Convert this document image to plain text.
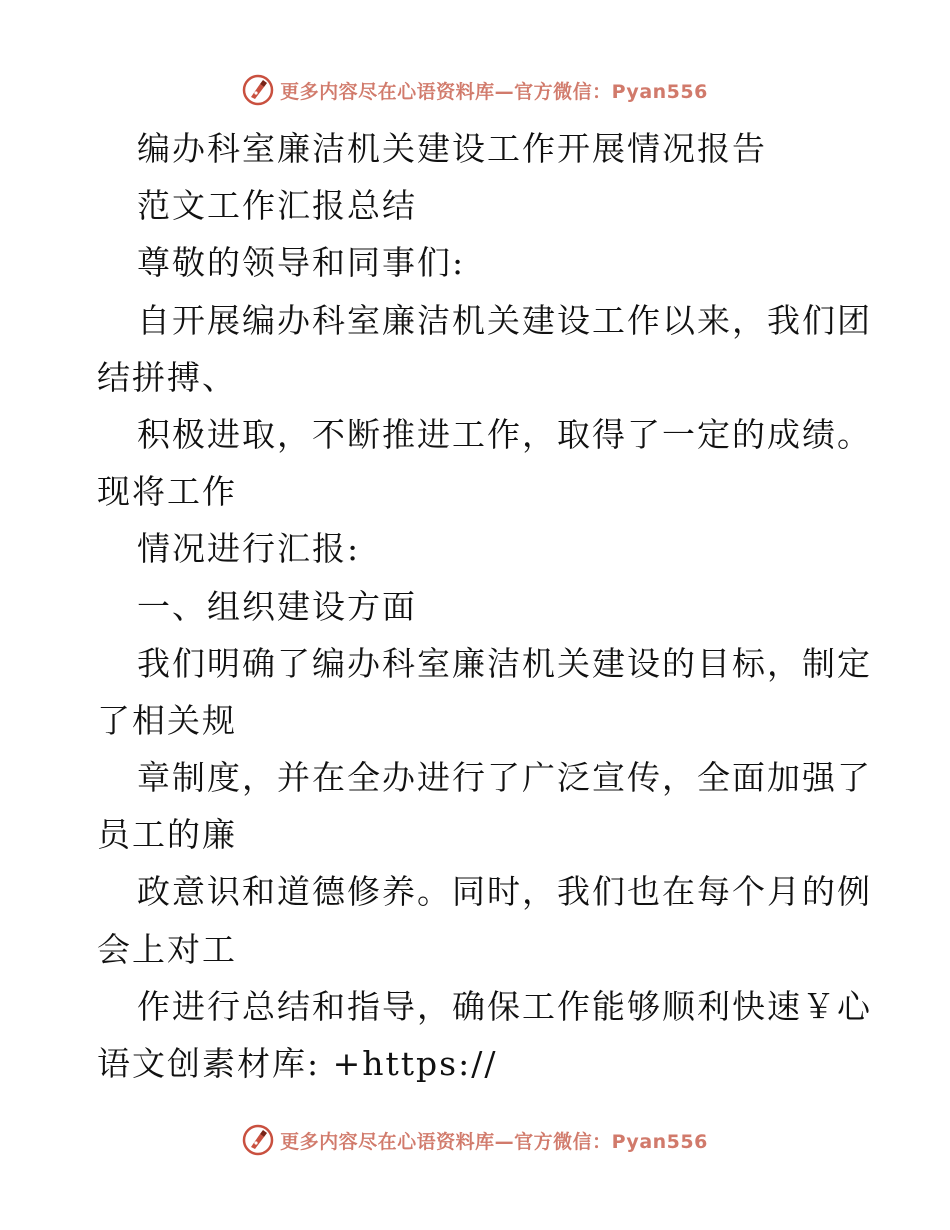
更多内容尽在心语资料库—官方微信：Pyan556
编办科室廉洁机关建设工作开展情况报告
范文工作汇报总结
尊敬的领导和同事们:
自开展编办科室廉洁机关建设工作以来，我们团
结拼搏、
积极进取，不断推进工作，取得了一定的成绩。
现将工作
情况进行汇报:
一、组织建设方面
我们明确了编办科室廉洁机关建设的目标，制定
了相关规
章制度，并在全办进行了广泛宣传，全面加强了
员工的廉
政意识和道德修养。同时，我们也在每个月的例
会上对工
作进行总结和指导，确保工作能够顺利快速￥心
语文创素材库: +https://
更多内容尽在心语资料库—官方微信：Pyan556
